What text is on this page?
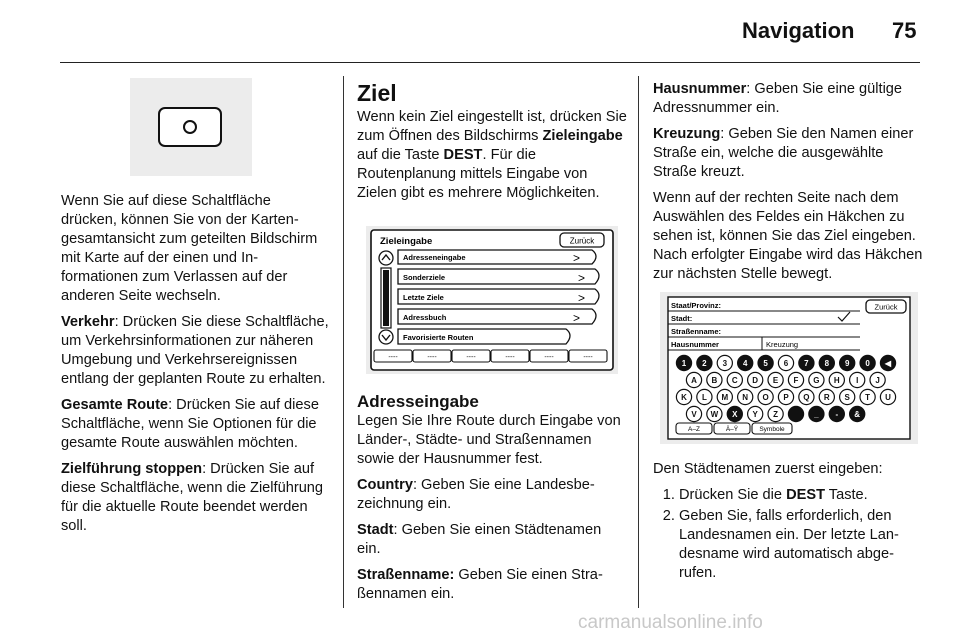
Navigation 75

Wenn Sie auf diese Schaltfläche drücken, können Sie von der Kartengesamtansicht zum geteilten Bildschirm mit Karte auf der einen und Informationen zum Verlassen auf der anderen Seite wechseln.

Verkehr: Drücken Sie diese Schaltfläche, um Verkehrsinformationen zur näheren Umgebung und Verkehrsereignissen entlang der geplanten Route zu erhalten.

Gesamte Route: Drücken Sie auf diese Schaltfläche, wenn Sie Optionen für die gesamte Route auswählen möchten.

Zielführung stoppen: Drücken Sie auf diese Schaltfläche, wenn die Zielführung für die aktuelle Route beendet werden soll.

Ziel

Wenn kein Ziel eingestellt ist, drücken Sie zum Öffnen des Bildschirms Zieleingabe auf die Taste DEST. Für die Routenplanung mittels Eingabe von Zielen gibt es mehrere Möglichkeiten.

Zieleingabe	Zurück
Adresseneingabe	>
Sonderziele	>
Letzte Ziele	>
Adressbuch	>
Favorisierte Routen
----	----	----	----	----	----
Adresseingabe

Legen Sie Ihre Route durch Eingabe von Länder-, Städte- und Straßennamen sowie der Hausnummer fest.

Country: Geben Sie eine Landesbezeichnung ein.

Stadt: Geben Sie einen Städtenamen ein.

Straßenname: Geben Sie einen Straßennamen ein.

Hausnummer: Geben Sie eine gültige Adressnummer ein.

Kreuzung: Geben Sie den Namen einer Straße ein, welche die ausgewählte Straße kreuzt.

Wenn auf der rechten Seite nach dem Auswählen des Feldes ein Häkchen zu sehen ist, können Sie das Ziel eingeben. Nach erfolgter Eingabe wird das Häkchen zur nächsten Stelle bewegt.

Staat/Provinz:
Stadt:
Straßenname:
Hausnummer	Kreuzung
Zurück
1 2 3 4 5 6 7 8 9 0 ◀
A B C D E F G H I J
K L M N O P Q R S T U
V W X Y Z	_ - &
A–Z	Ä–Ÿ	Symbole

Den Städtenamen zuerst eingeben:

1. Drücken Sie die DEST Taste.
2. Geben Sie, falls erforderlich, den Landesnamen ein. Der letzte Landesname wird automatisch abgerufen.
carmanualsonline.info
